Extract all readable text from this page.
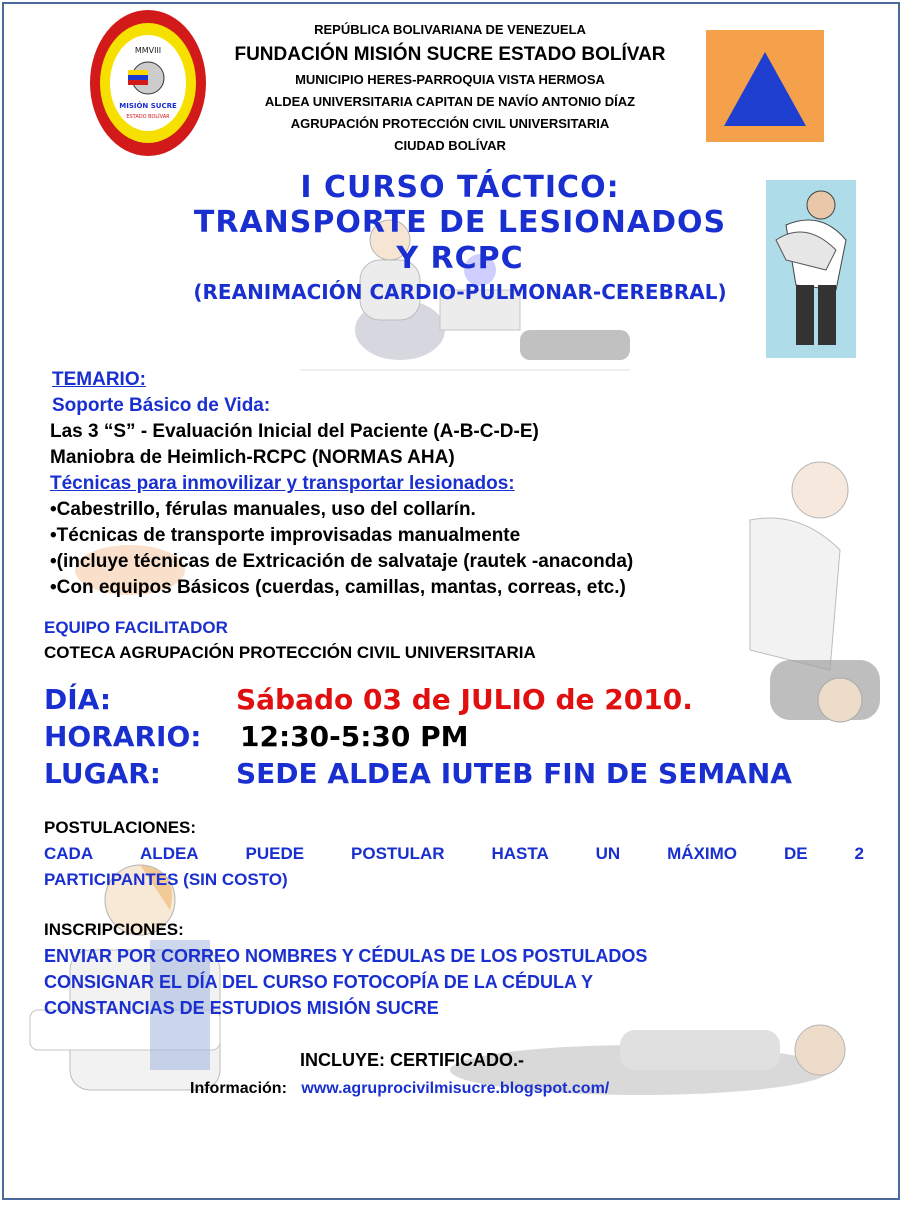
MMVIII
MISIÓN SUCRE
ESTADO BOLÍVAR
REPÚBLICA BOLIVARIANA DE VENEZUELA
FUNDACIÓN MISIÓN SUCRE ESTADO BOLÍVAR
MUNICIPIO HERES-PARROQUIA VISTA HERMOSA
ALDEA UNIVERSITARIA CAPITAN DE NAVÍO ANTONIO DÍAZ
AGRUPACIÓN PROTECCIÓN CIVIL UNIVERSITARIA
CIUDAD BOLÍVAR
I CURSO TÁCTICO:
TRANSPORTE DE LESIONADOS
Y RCPC
(REANIMACIÓN CARDIO-PULMONAR-CEREBRAL)
TEMARIO:
Soporte Básico de Vida:
Las 3 “S” - Evaluación Inicial del Paciente (A-B-C-D-E)
Maniobra de Heimlich-RCPC (NORMAS AHA)
Técnicas para inmovilizar y transportar lesionados:
•Cabestrillo, férulas manuales, uso del collarín.
•Técnicas de transporte improvisadas manualmente
•(incluye técnicas de Extricación de salvataje (rautek -anaconda)
•Con equipos Básicos (cuerdas, camillas, mantas, correas, etc.)
EQUIPO FACILITADOR
COTECA AGRUPACIÓN PROTECCIÓN CIVIL UNIVERSITARIA
DÍA:	Sábado 03 de JULIO de 2010.
HORARIO: 12:30-5:30 PM
LUGAR:	SEDE ALDEA IUTEB FIN DE SEMANA
POSTULACIONES:
CADA	ALDEA	PUEDE	POSTULAR	HASTA	UN	MÁXIMO	DE	2
PARTICIPANTES (SIN COSTO)
INSCRIPCIONES:
ENVIAR POR CORREO NOMBRES Y CÉDULAS DE LOS POSTULADOS
CONSIGNAR EL DÍA DEL CURSO FOTOCOPÍA DE LA CÉDULA Y
CONSTANCIAS DE ESTUDIOS MISIÓN SUCRE
INCLUYE: CERTIFICADO.-
Información: www.agruprocivilmisucre.blogspot.com/
